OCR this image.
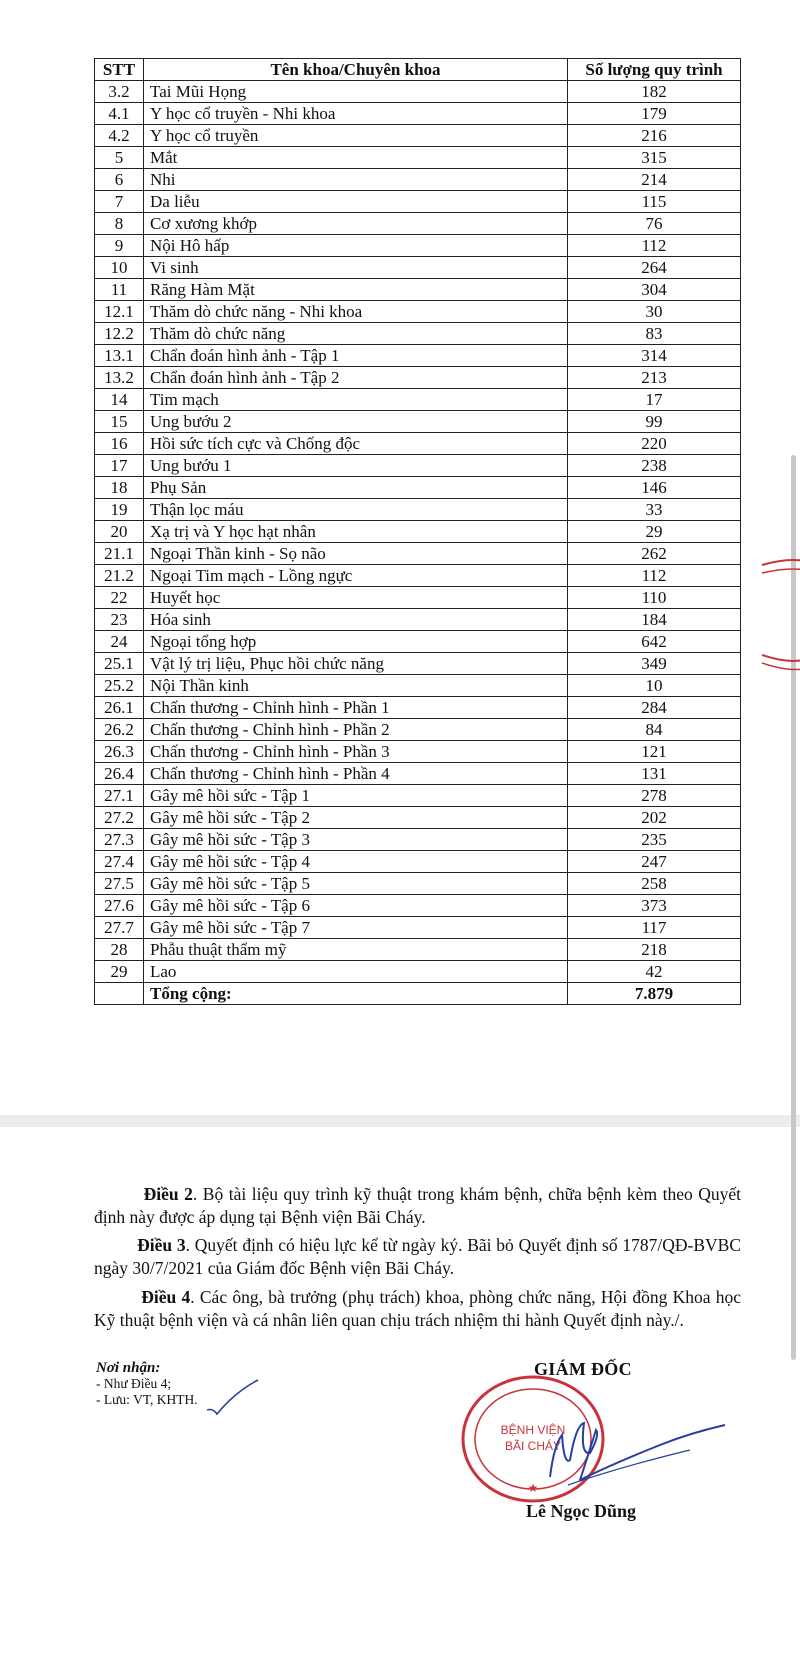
STT	Tên khoa/Chuyên khoa	Số lượng quy trình
3.2	Tai Mũi Họng	182
4.1	Y học cổ truyền - Nhi khoa	179
4.2	Y học cổ truyền	216
5	Mắt	315
6	Nhi	214
7	Da liễu	115
8	Cơ xương khớp	76
9	Nội Hô hấp	112
10	Vi sinh	264
11	Răng Hàm Mặt	304
12.1	Thăm dò chức năng - Nhi khoa	30
12.2	Thăm dò chức năng	83
13.1	Chẩn đoán hình ảnh - Tập 1	314
13.2	Chẩn đoán hình ảnh - Tập 2	213
14	Tim mạch	17
15	Ung bướu 2	99
16	Hồi sức tích cực và Chống độc	220
17	Ung bướu 1	238
18	Phụ Sản	146
19	Thận lọc máu	33
20	Xạ trị và Y học hạt nhân	29
21.1	Ngoại Thần kinh - Sọ não	262
21.2	Ngoại Tim mạch - Lồng ngực	112
22	Huyết học	110
23	Hóa sinh	184
24	Ngoại tổng hợp	642
25.1	Vật lý trị liệu, Phục hồi chức năng	349
25.2	Nội Thần kinh	10
26.1	Chấn thương - Chỉnh hình - Phần 1	284
26.2	Chấn thương - Chỉnh hình - Phần 2	84
26.3	Chấn thương - Chỉnh hình - Phần 3	121
26.4	Chấn thương - Chỉnh hình - Phần 4	131
27.1	Gây mê hồi sức - Tập 1	278
27.2	Gây mê hồi sức - Tập 2	202
27.3	Gây mê hồi sức - Tập 3	235
27.4	Gây mê hồi sức - Tập 4	247
27.5	Gây mê hồi sức - Tập 5	258
27.6	Gây mê hồi sức - Tập 6	373
27.7	Gây mê hồi sức - Tập 7	117
28	Phẫu thuật thẩm mỹ	218
29	Lao	42
	Tổng cộng:	7.879
Điều 2. Bộ tài liệu quy trình kỹ thuật trong khám bệnh, chữa bệnh kèm theo Quyết định này được áp dụng tại Bệnh viện Bãi Cháy.
Điều 3. Quyết định có hiệu lực kể từ ngày ký. Bãi bỏ Quyết định số 1787/QĐ-BVBC ngày 30/7/2021 của Giám đốc Bệnh viện Bãi Cháy.
Điều 4. Các ông, bà trưởng (phụ trách) khoa, phòng chức năng, Hội đồng Khoa học Kỹ thuật bệnh viện và cá nhân liên quan chịu trách nhiệm thi hành Quyết định này./.
Nơi nhận:
- Như Điều 4;
- Lưu: VT, KHTH.
GIÁM ĐỐC
BỆNH VIỆN
BÃI CHÁY
★
Lê Ngọc Dũng
